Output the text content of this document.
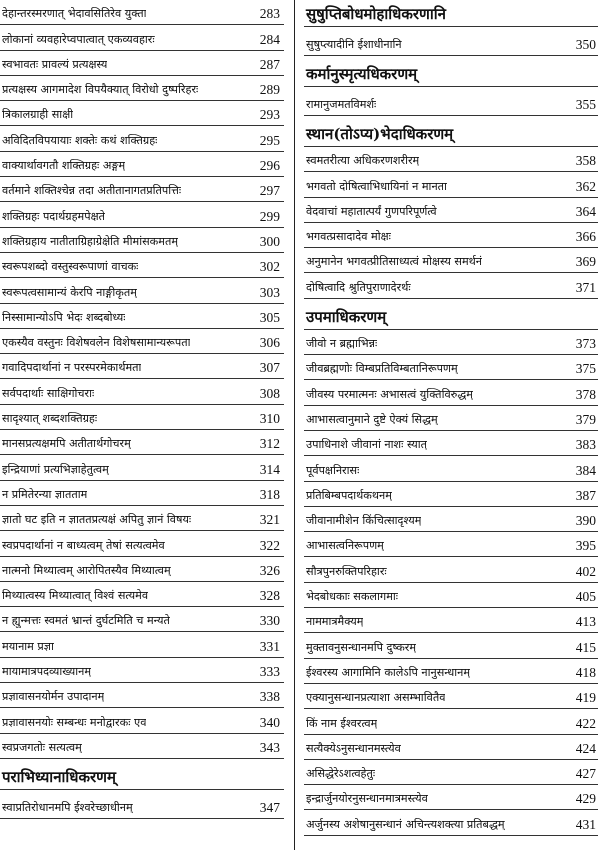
देहान्तरस्मरणात् भेदावसितिरेव युक्ता	283
लोकानां व्यवहारेप्वपात्वात् एकव्यवहारः	284
स्वभावतः प्रावल्यं प्रत्यक्षस्य	287
प्रत्यक्षस्य आगमादेश विपयैक्यात् विरोधो दुष्परिहरः	289
त्रिकालग्राही साक्षी	293
अविदितविपयायाः शक्तेः कथं शक्तिग्रहः	295
वाक्यार्थावगतौ शक्तिग्रहः अङ्गम्	296
वर्तमाने शक्तिश्चेन्न तदा अतीतानागतप्रतिपत्तिः	297
शक्तिग्रहः पदार्थग्रहमपेक्षते	299
शक्तिग्रहाय नातीताग्रिहाग्रेक्षेति मीमांसकमतम्	300
स्वरूपशब्दो वस्तुस्वरूपाणां वाचकः	302
स्वरूपत्वसामान्यं केरपि नाङ्गीकृतम्	303
निस्सामान्योऽपि भेदः शब्दबोध्यः	305
एकस्यैव वस्तुनः विशेषवलेन विशेषसामान्यरूपता	306
गवादिपदार्थानां न परस्परमेकार्थमता	307
सर्वपदार्थाः साक्षिगोचराः	308
सादृश्यात् शब्दशक्तिग्रहः	310
मानसप्रत्यक्षमपि अतीतार्थगोचरम्	312
इन्द्रियाणां प्रत्यभिज्ञाहेतुत्वम्	314
न प्रमितेरन्या ज्ञातताम	318
ज्ञातो घट इति न ज्ञाततप्रत्यक्षं अपितु ज्ञानं विषयः	321
स्वप्रपदार्थानां न बाध्यत्वम् तेषां सत्यत्वमेव	322
नात्मनो मिथ्यात्वम् आरोपितस्यैव मिथ्यात्वम्	326
मिथ्यात्वस्य मिथ्यात्वात् विश्वं सत्यमेव	328
न ह्युन्मत्तः स्वमतं भ्रान्तं दुर्घटमिति च मन्यते	330
मयानाम प्रज्ञा	331
मायामात्रपदव्याख्यानम्	333
प्रज्ञावासनयोर्मन उपादानम्	338
प्रज्ञावासनयोः सम्बन्धः मनोद्वारकः एव	340
स्वप्रजगतोः सत्यत्वम्	343
पराभिध्यानाधिकरणम्
स्वाप्रतिरोधानमपि ईश्वरेच्छाधीनम्	347
सुषुप्तिबोधमोहाधिकरणानि
सुषुप्त्यादीनि ईशाधीनानि	350
कर्मानुस्मृत्यधिकरणम्
रामानुजमतविमर्शः	355
स्थान(तोऽप्य)भेदाधिकरणम्
स्वमतरीत्या अधिकरणशरीरम्	358
भगवतो दोषित्वाभिधायिनां न मानता	362
वेदवाचां महातात्पर्यं गुणपरिपूर्णत्वे	364
भगवत्प्रसादादेव मोक्षः	366
अनुमानेन भगवत्प्रीतिसाध्यत्वं मोक्षस्य समर्थनं	369
दोषित्वादि श्रुतिपुराणादेरर्थः	371
उपमाधिकरणम्
जीवो न ब्रह्माभिन्नः	373
जीवब्रह्मणोः विम्बप्रतिविम्बतानिरूपणम्	375
जीवस्य परमात्मनः अभासत्वं युक्तिविरुद्धम्	378
आभासत्वानुमाने दुष्टे ऐक्यं सिद्धम्	379
उपाधिनाशे जीवानां नाशः स्यात्	383
पूर्वपक्षनिरासः	384
प्रतिबिम्बपदार्थकथनम्	387
जीवानामीशेन किंचित्सादृश्यम्	390
आभासत्वनिरूपणम्	395
सौत्रपुनरुक्तिपरिहारः	402
भेदबोधकाः सकलागमाः	405
नाममात्रमैक्यम्	413
मुक्तावनुसन्धानमपि दुष्करम्	415
ईश्वरस्य आगामिनि कालेऽपि नानुसन्धानम्	418
एक्यानुसन्धानप्रत्याशा असम्भावितैव	419
किं नाम ईश्वरत्वम्	422
सत्यैक्येऽनुसन्धानमस्त्येव	424
असिद्धेरेऽशत्वहेतुः	427
इन्द्रार्जुनयोरनुसन्धानमात्रमस्त्येव	429
अर्जुनस्य अशेषानुसन्धानं अचिन्त्यशक्त्या प्रतिबद्धम्	431
